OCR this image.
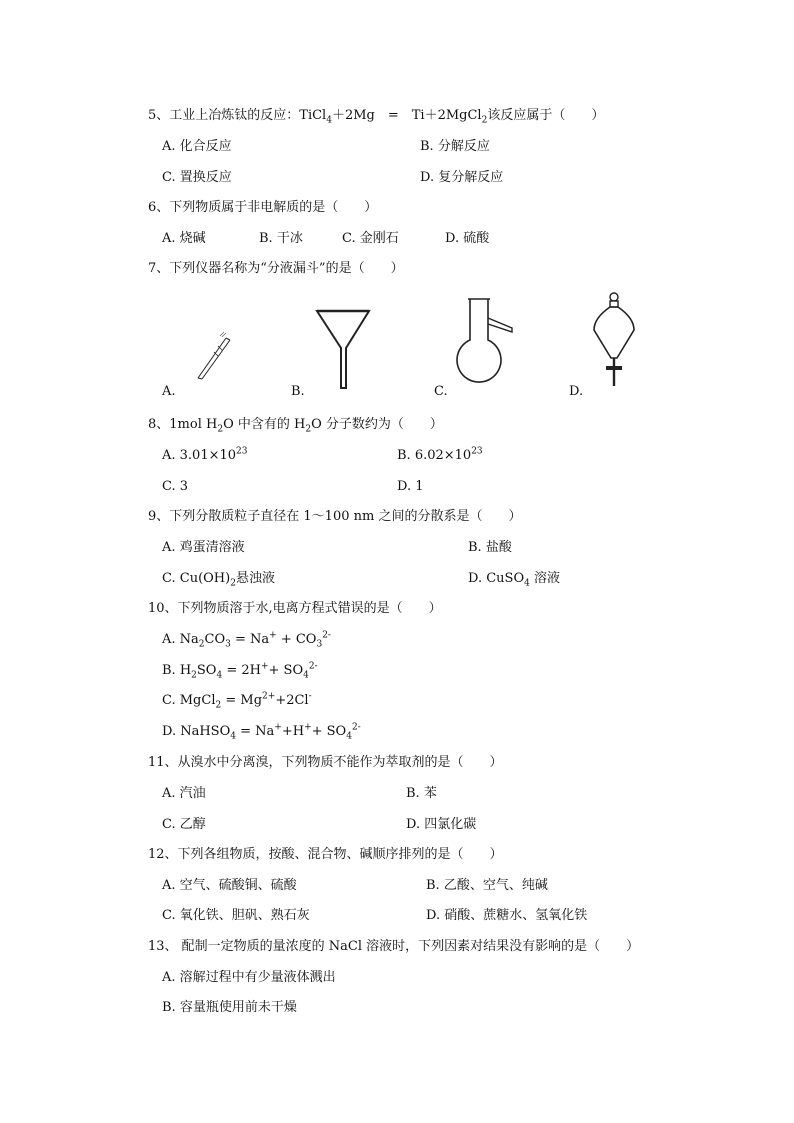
5、工业上冶炼钛的反应：TiCl$_4$＋2Mg　=　Ti＋2MgCl$_2$该反应属于（　　）
A. 化合反应	B. 分解反应
C. 置换反应	D. 复分解反应
6、下列物质属于非电解质的是（　　）
A. 烧碱	B. 干冰	C. 金刚石	D. 硫酸
7、下列仪器名称为“分液漏斗”的是（　　）
A.	B.	C.	D.
8、1mol $H_2O$ 中含有的 $H_2O$ 分子数约为（　　）
A. $3.01\times 10^{23}$	B. $6.02\times 10^{23}$
C. 3	D. 1
9、下列分散质粒子直径在 1～100 nm 之间的分散系是（　　）
A. 鸡蛋清溶液	B. 盐酸
C. $Cu(OH)_2$悬浊液	D. CuSO$_4$ 溶液
10、下列物质溶于水,电离方程式错误的是（　　）
A. $Na_2CO_3 = Na^+ + CO_3^{2-}$
B. $H_2SO_4 = 2H^++ SO_4^{2-}$
C. MgCl$_2$ = $Mg^{2+}+2Cl^-$
D. NaHSO$_4$ = $Na^++H^++ SO_4^{2-}$
11、从溴水中分离溴，下列物质不能作为萃取剂的是（　　）
A. 汽油	B. 苯
C. 乙醇	D. 四氯化碳
12、下列各组物质，按酸、混合物、碱顺序排列的是（　　）
A. 空气、硫酸铜、硫酸	B. 乙酸、空气、纯碱
C. 氧化铁、胆矾、熟石灰	D. 硝酸、蔗糖水、氢氧化铁
13、 配制一定物质的量浓度的 NaCl 溶液时，下列因素对结果没有影响的是（　　）
A. 溶解过程中有少量液体溅出
B. 容量瓶使用前未干燥
